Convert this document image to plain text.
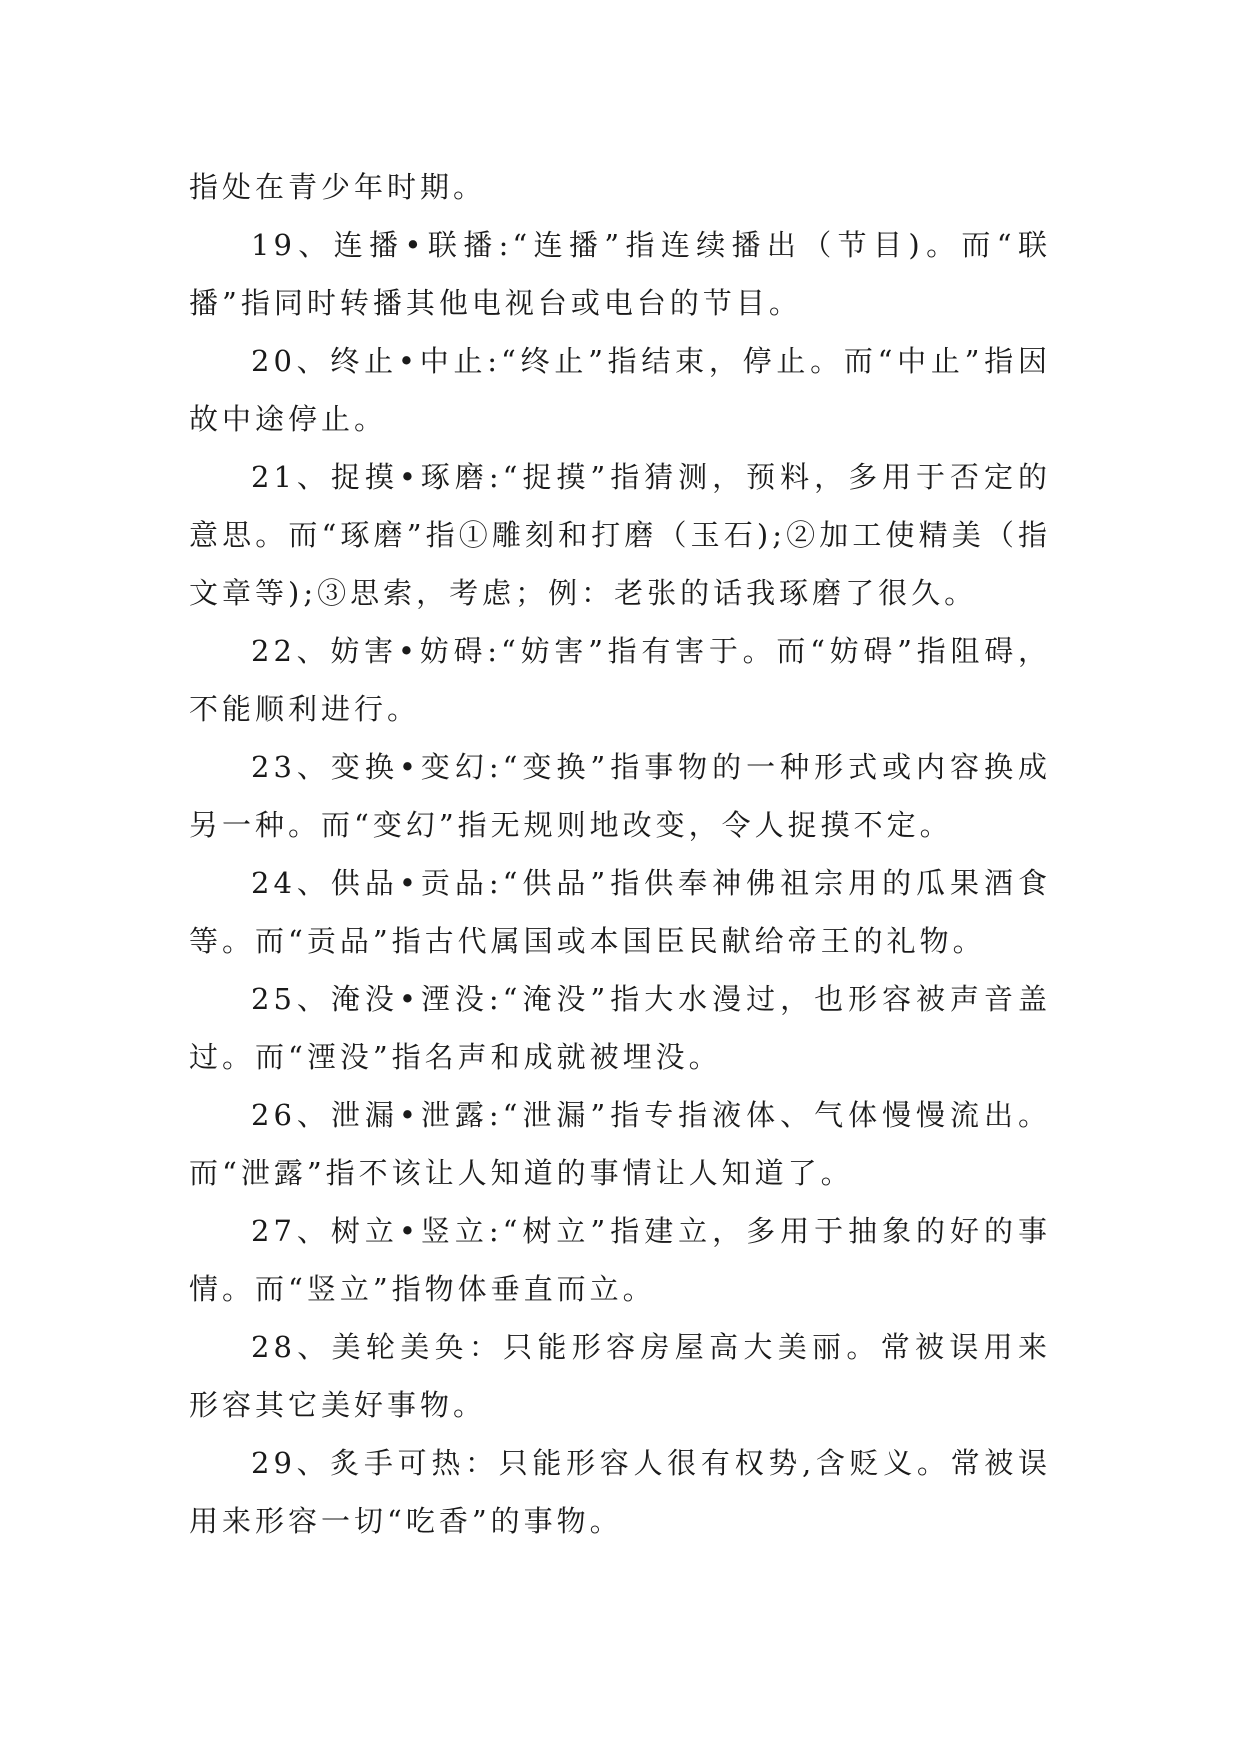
指处在青少年时期。

19、连播•联播:“连播”指连续播出（节目)。而“联播”指同时转播其他电视台或电台的节目。

20、终止•中止:“终止”指结束，停止。而“中止”指因故中途停止。

21、捉摸•琢磨:“捉摸”指猜测，预料，多用于否定的意思。而“琢磨”指①雕刻和打磨（玉石);②加工使精美（指文章等);③思索，考虑；例：老张的话我琢磨了很久。

22、妨害•妨碍:“妨害”指有害于。而“妨碍”指阻碍，不能顺利进行。

23、变换•变幻:“变换”指事物的一种形式或内容换成另一种。而“变幻”指无规则地改变，令人捉摸不定。

24、供品•贡品:“供品”指供奉神佛祖宗用的瓜果酒食等。而“贡品”指古代属国或本国臣民献给帝王的礼物。

25、淹没•湮没:“淹没”指大水漫过，也形容被声音盖过。而“湮没”指名声和成就被埋没。

26、泄漏•泄露:“泄漏”指专指液体、气体慢慢流出。而“泄露”指不该让人知道的事情让人知道了。

27、树立•竖立:“树立”指建立，多用于抽象的好的事情。而“竖立”指物体垂直而立。

28、美轮美奂：只能形容房屋高大美丽。常被误用来形容其它美好事物。

29、炙手可热：只能形容人很有权势,含贬义。常被误用来形容一切“吃香”的事物。
